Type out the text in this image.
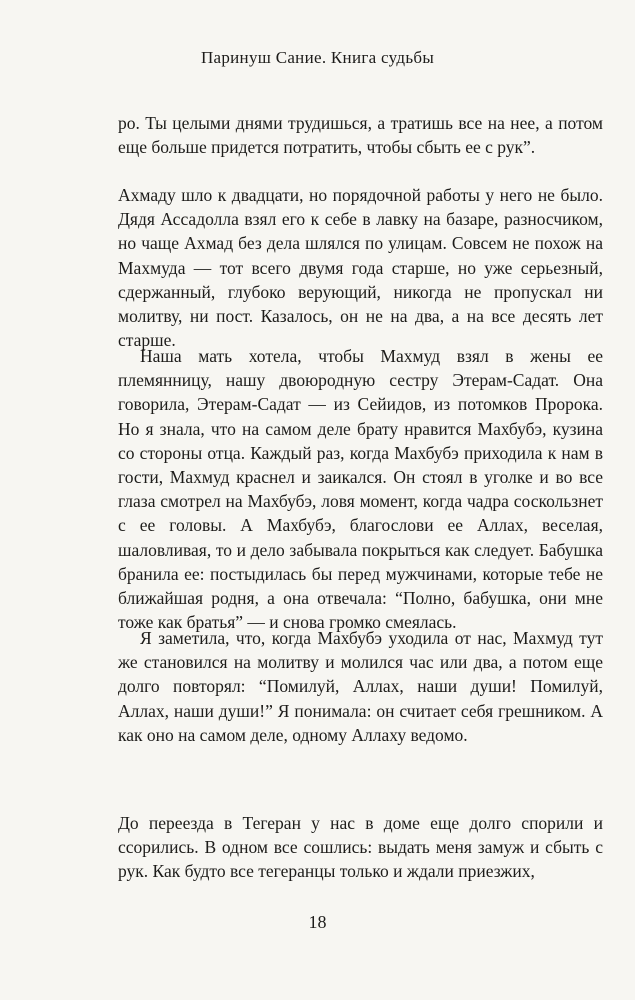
Паринуш Сание. Книга судьбы

ро. Ты целыми днями трудишься, а тратишь все на нее, а потом еще больше придется потратить, чтобы сбыть ее с рук”.

Ахмаду шло к двадцати, но порядочной работы у него не было. Дядя Ассадолла взял его к себе в лавку на базаре, разносчиком, но чаще Ахмад без дела шлялся по улицам. Совсем не похож на Махмуда — тот всего двумя года старше, но уже серьезный, сдержанный, глубоко верующий, никогда не пропускал ни молитву, ни пост. Казалось, он не на два, а на все десять лет старше.

Наша мать хотела, чтобы Махмуд взял в жены ее племянницу, нашу двоюродную сестру Этерам-Садат. Она говорила, Этерам-Садат — из Сейидов, из потомков Пророка. Но я знала, что на самом деле брату нравится Махбубэ, кузина со стороны отца. Каждый раз, когда Махбубэ приходила к нам в гости, Махмуд краснел и заикался. Он стоял в уголке и во все глаза смотрел на Махбубэ, ловя момент, когда чадра соскользнет с ее головы. А Махбубэ, благослови ее Аллах, веселая, шаловливая, то и дело забывала покрыться как следует. Бабушка бранила ее: постыдилась бы перед мужчинами, которые тебе не ближайшая родня, а она отвечала: “Полно, бабушка, они мне тоже как братья” — и снова громко смеялась.

Я заметила, что, когда Махбубэ уходила от нас, Махмуд тут же становился на молитву и молился час или два, а потом еще долго повторял: “Помилуй, Аллах, наши души! Помилуй, Аллах, наши души!” Я понимала: он считает себя грешником. А как оно на самом деле, одному Аллаху ведомо.

До переезда в Тегеран у нас в доме еще долго спорили и ссорились. В одном все сошлись: выдать меня замуж и сбыть с рук. Как будто все тегеранцы только и ждали приезжих,

18
